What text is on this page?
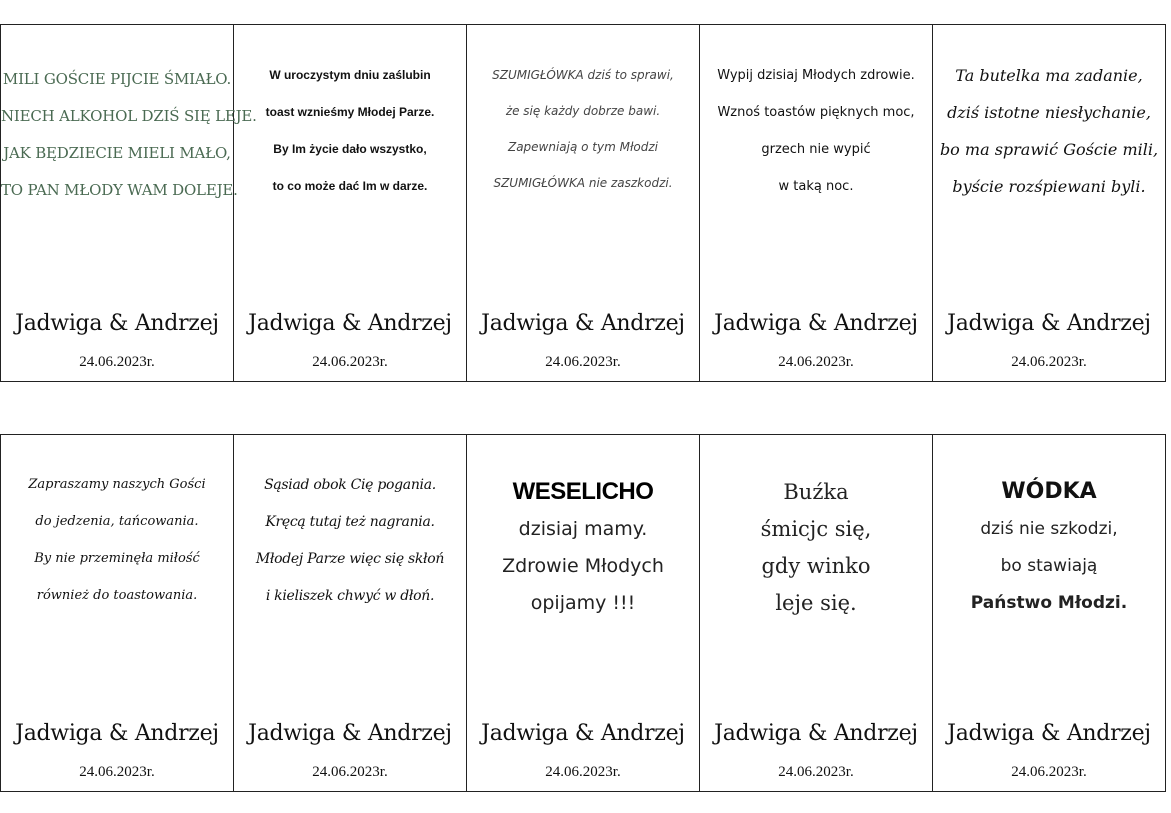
MILI GOŚCIE PIJCIE ŚMIAŁO.
NIECH ALKOHOL DZIŚ SIĘ LEJE.
JAK BĘDZIECIE MIELI MAŁO,
TO PAN MŁODY WAM DOLEJE.
Jadwiga & Andrzej
24.06.2023r.
W uroczystym dniu zaślubin
toast wznieśmy Młodej Parze.
By Im życie dało wszystko,
to co może dać Im w darze.
Jadwiga & Andrzej
24.06.2023r.
SZUMIGŁÓWKA dziś to sprawi,
że się każdy dobrze bawi.
Zapewniają o tym Młodzi
SZUMIGŁÓWKA nie zaszkodzi.
Jadwiga & Andrzej
24.06.2023r.
Wypij dzisiaj Młodych zdrowie.
Wznoś toastów pięknych moc,
grzech nie wypić
w taką noc.
Jadwiga & Andrzej
24.06.2023r.
Ta butelka ma zadanie,
dziś istotne niesłychanie,
bo ma sprawić Goście mili,
byście rozśpiewani byli.
Jadwiga & Andrzej
24.06.2023r.
Zapraszamy naszych Gości
do jedzenia, tańcowania.
By nie przeminęła miłość
również do toastowania.
Jadwiga & Andrzej
24.06.2023r.
Sąsiad obok Cię pogania.
Kręcą tutaj też nagrania.
Młodej Parze więc się skłoń
i kieliszek chwyć w dłoń.
Jadwiga & Andrzej
24.06.2023r.
WESELICHO
dzisiaj mamy.
Zdrowie Młodych
opijamy !!!
Jadwiga & Andrzej
24.06.2023r.
Buźka
śmicjc się,
gdy winko
leje się.
Jadwiga & Andrzej
24.06.2023r.
WÓDKA
dziś nie szkodzi,
bo stawiają
Państwo Młodzi.
Jadwiga & Andrzej
24.06.2023r.
